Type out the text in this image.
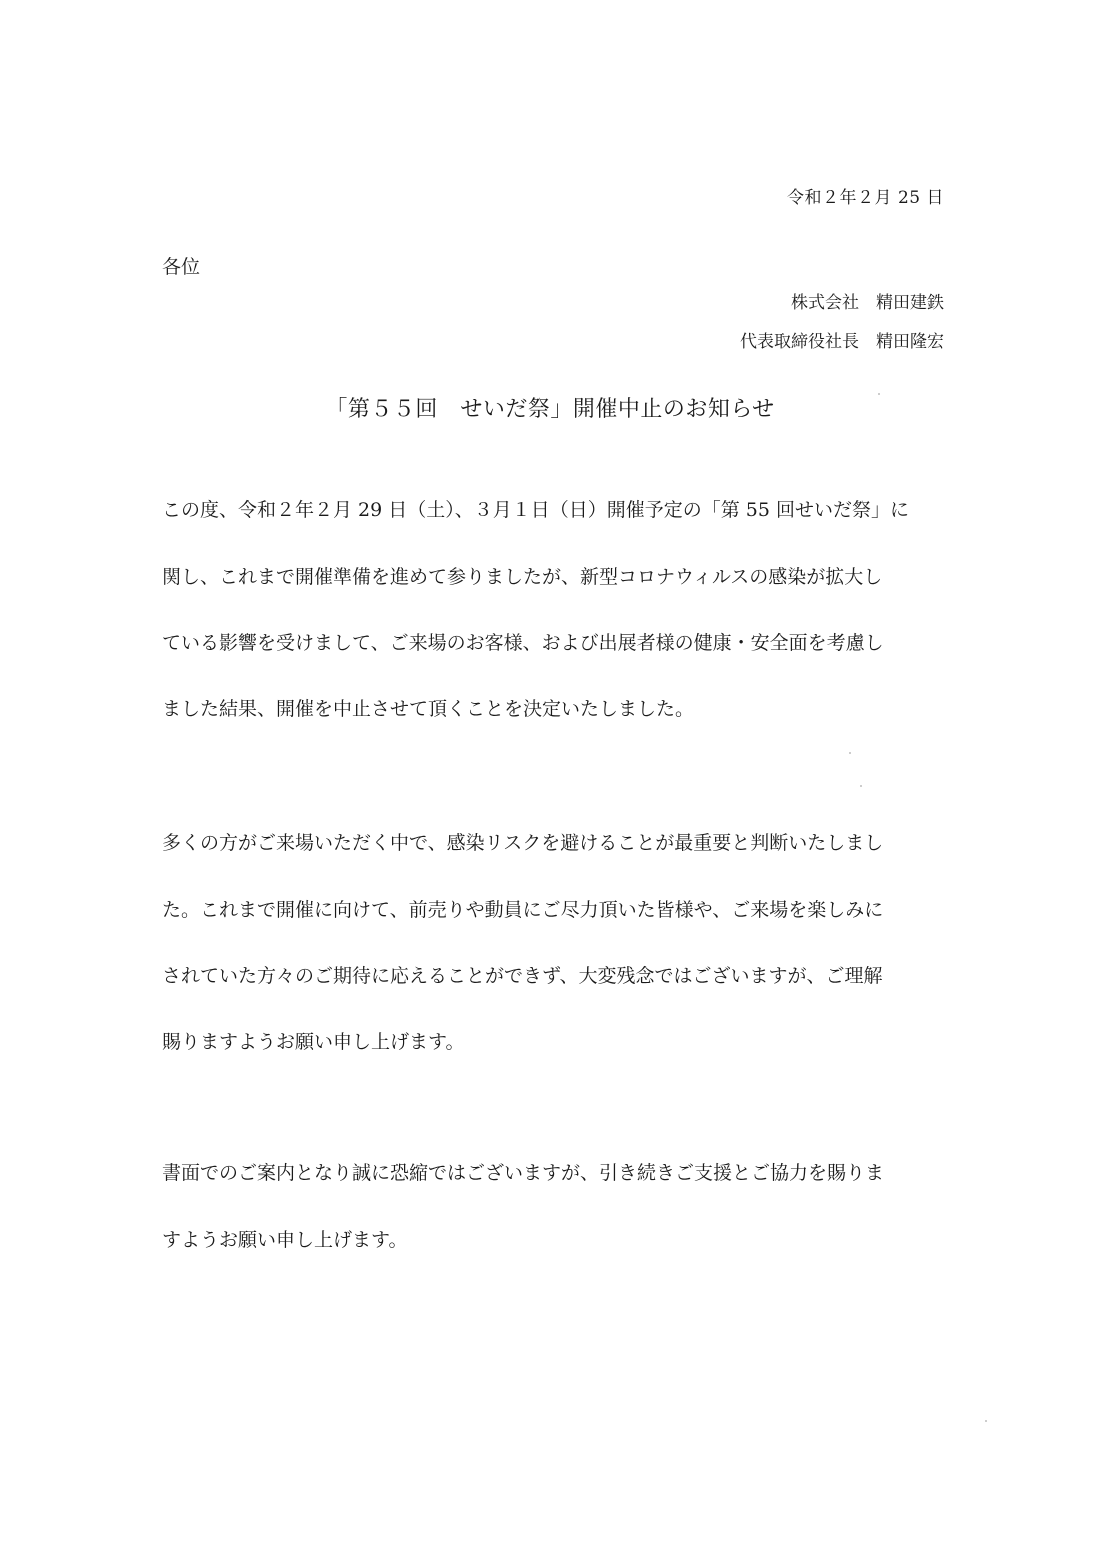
令和２年２月 25 日
各位
株式会社　精田建鉄
代表取締役社長　精田隆宏
「第５５回　せいだ祭」開催中止のお知らせ
この度、令和２年２月 29 日（土）、３月１日（日）開催予定の「第 55 回せいだ祭」に
関し、これまで開催準備を進めて参りましたが、新型コロナウィルスの感染が拡大し
ている影響を受けまして、ご来場のお客様、および出展者様の健康・安全面を考慮し
ました結果、開催を中止させて頂くことを決定いたしました。
多くの方がご来場いただく中で、感染リスクを避けることが最重要と判断いたしまし
た。これまで開催に向けて、前売りや動員にご尽力頂いた皆様や、ご来場を楽しみに
されていた方々のご期待に応えることができず、大変残念ではございますが、ご理解
賜りますようお願い申し上げます。
書面でのご案内となり誠に恐縮ではございますが、引き続きご支援とご協力を賜りま
すようお願い申し上げます。
